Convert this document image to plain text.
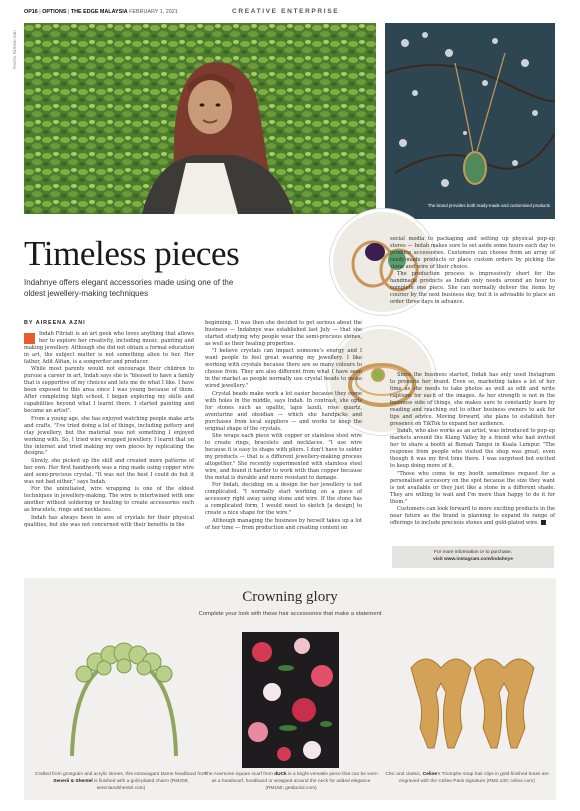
OP16 | OPTIONS | THE EDGE MALAYSIA FEBRUARY 1, 2021	CREATIVE ENTERPRISE
PHOTO: PATRICK GOH
The brand provides both ready-made and customised products
Timeless pieces
Indahnye offers elegant accessories made using one of the oldest jewellery-making techniques
BY AIREENA AZNI

Indah Fitriati is an art geek who loves anything that allows her to explore her creativity, including music, painting and making jewellery. Although she did not obtain a formal education in art, the subject matter is not something alien to her. Her father, Adit Alfian, is a songwriter and producer.

While most parents would not encourage their children to pursue a career in art, Indah says she is "blessed to have a family that is supportive of my choices and lets me do what I like. I have been exposed to this area since I was young because of them. After completing high school, I began exploring my skills and capabilities beyond what I learnt there. I started painting and became an artist".

From a young age, she has enjoyed watching people make arts and crafts. "I've tried doing a lot of things, including pottery and clay jewellery, but the material was not something I enjoyed working with. So, I tried wire wrapped jewellery. I learnt that on the internet and tried making my own pieces by replicating the designs."

Slowly, she picked up the skill and created more patterns of her own. Her first handiwork was a ring made using copper wire and semi-precious crystal. "It was not the best I could do but it was not bad either," says Indah.

For the uninitiated, wire wrapping is one of the oldest techniques in jewellery-making. The wire is intertwined with one another without soldering or heating to create accessories such as bracelets, rings and necklaces.

Indah has always been in awe of crystals for their physical qualities, but she was not concerned with their benefits in the

beginning. It was then she decided to get serious about the business — Indahnye was established last July — that she started studying why people wear the semi-precious stones, as well as their healing properties.

"I believe crystals can impact someone's energy and I want people to feel great wearing my jewellery. I like working with crystals because there are so many colours to choose from. They are also different from what I have seen in the market as people normally use crystal beads to make wired jewellery."

Crystal beads make work a lot easier because they come with holes in the middle, says Indah. In contrast, she opts for stones such as opalite, lapis lazuli, rose quartz, aventurine and obsidian — which she handpicks and purchases from local suppliers — and works to keep the original shape of the crystals.

She wraps each piece with copper or stainless steel wire to create rings, bracelets and necklaces. "I use wire because it is easy to shape with pliers. I don't have to solder my products — that is a different jewellery-making process altogether." She recently experimented with stainless steel wire, and found it harder to work with than copper because the metal is durable and more resistant to damage.

For Indah, deciding on a design for her jewellery is not complicated. "I normally start working on a piece of accessory right away using stone and wire. If the stone has a complicated form, I would need to sketch [a design] to create a nice shape for the wire."

Although managing the business by herself takes up a lot of her time — from production and creating content on

social media to packaging and setting up physical pop-up stores — Indah makes sure to set aside some hours each day to produce accessories. Customers can choose from an array of ready-made products or place custom orders by picking the stone and wire of their choice.

The production process is impressively short for the handmade products as Indah only needs around an hour to complete one piece. She can normally deliver the items by courier by the next business day, but it is advisable to place an order three days in advance.

Since the business started, Indah has only used Instagram to promote her brand. Even so, marketing takes a lot of her time as she needs to take photos as well as edit and write captions for each of the images. As her strength is not in the business side of things, she makes sure to constantly learn by reading and reaching out to other business owners to ask for tips and advice. Moving forward, she plans to establish her presence on TikTok to expand her audience.

Indah, who also works as an artist, was introduced to pop-up markets around the Klang Valley by a friend who had invited her to share a booth at Bumah Tangsi in Kuala Lumpur. "The response from people who visited the shop was great, even though it was my first time there. I was surprised but excited to keep doing more of it.

"Those who come to my booth sometimes request for a personalised accessory on the spot because the size they want is not available or they just like a stone in a different shade. They are willing to wait and I'm more than happy to do it for them."

Customers can look forward to more exciting products in the near future as the brand is planning to expand its range of offerings to include precious stones and gold-plated wire. E

For more information or to purchase,
visit www.instagram.com/indahnye
Crowning glory
Complete your look with these hair accessories that make a statement
Crafted from grosgrain and acrylic stones, this extravagant Dame headband from Senerii & Shentel is finished with a gold-plated charm (RM208; sereniandshentel.com)
The Anemone square scarf from dUCk is a bright versatile piece that can be worn as a headscarf, headband or wrapped around the neck for added elegance (RM150; getduckd.com)
Chic and classic, Celine's Triomphe snap hair clips in gold-finished brass are engraved with the Celine Paris signature (RM2,100; celine.com)
